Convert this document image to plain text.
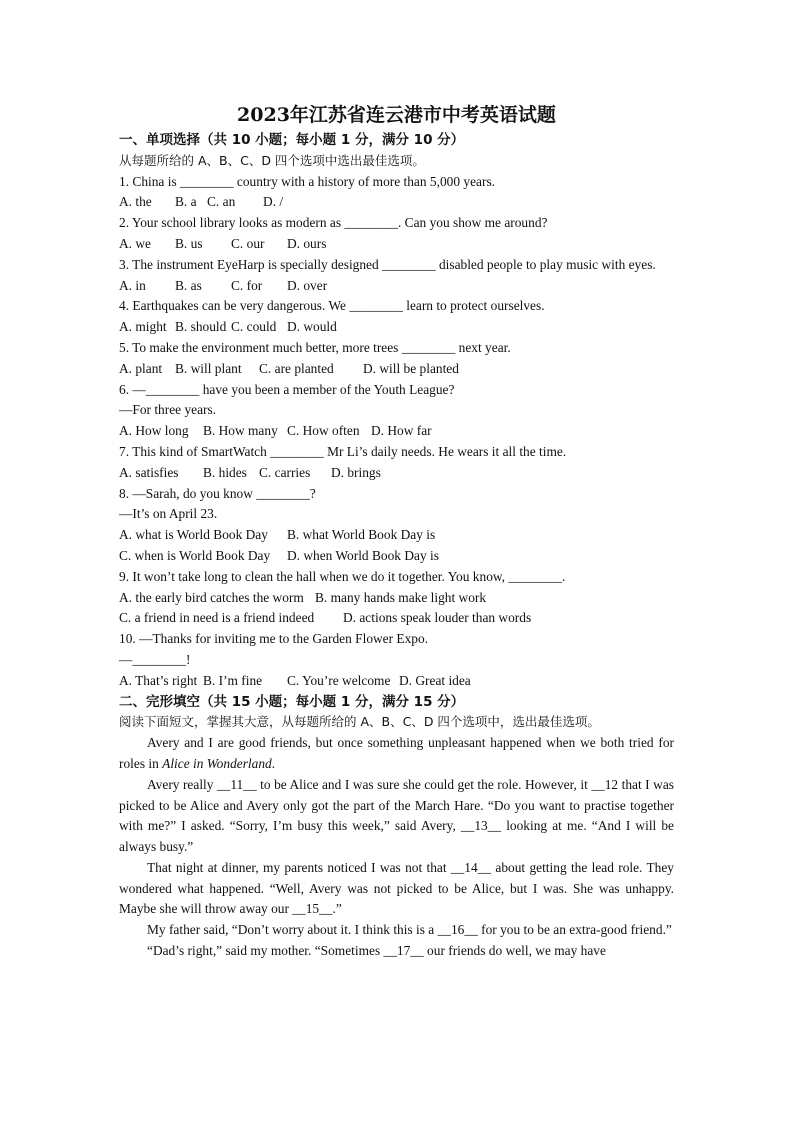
2023年江苏省连云港市中考英语试题

一、单项选择（共 10 小题；每小题 1 分，满分 10 分）

从每题所给的 A、B、C、D 四个选项中选出最佳选项。

1. China is ________ country with a history of more than 5,000 years.

A. the B. a C. an D. /

2. Your school library looks as modern as ________. Can you show me around?

A. we B. us C. our D. ours

3. The instrument EyeHarp is specially designed ________ disabled people to play music with eyes.

A. in B. as C. for D. over

4. Earthquakes can be very dangerous. We ________ learn to protect ourselves.

A. might B. should C. could D. would

5. To make the environment much better, more trees ________ next year.

A. plant B. will plant C. are planted D. will be planted

6. —________ have you been a member of the Youth League?

—For three years.

A. How long B. How many C. How often D. How far

7. This kind of SmartWatch ________ Mr Li’s daily needs. He wears it all the time.

A. satisfies B. hides C. carries D. brings

8. —Sarah, do you know ________?

—It’s on April 23.

A. what is World Book Day B. what World Book Day is

C. when is World Book Day D. when World Book Day is

9. It won’t take long to clean the hall when we do it together. You know, ________.

A. the early bird catches the worm B. many hands make light work

C. a friend in need is a friend indeed D. actions speak louder than words

10. —Thanks for inviting me to the Garden Flower Expo.

—________!

A. That’s right B. I’m fine C. You’re welcome D. Great idea

二、完形填空（共 15 小题；每小题 1 分，满分 15 分）

阅读下面短文，掌握其大意，从每题所给的 A、B、C、D 四个选项中，选出最佳选项。

Avery and I are good friends, but once something unpleasant happened when we both tried for roles in Alice in Wonderland.

Avery really __11__ to be Alice and I was sure she could get the role. However, it __12 that I was picked to be Alice and Avery only got the part of the March Hare. “Do you want to practise together with me?” I asked. “Sorry, I’m busy this week,” said Avery, __13__ looking at me. “And I will be always busy.”

That night at dinner, my parents noticed I was not that __14__ about getting the lead role. They wondered what happened. “Well, Avery was not picked to be Alice, but I was. She was unhappy. Maybe she will throw away our __15__.”

My father said, “Don’t worry about it. I think this is a __16__ for you to be an extra-good friend.”

“Dad’s right,” said my mother. “Sometimes __17__ our friends do well, we may have
